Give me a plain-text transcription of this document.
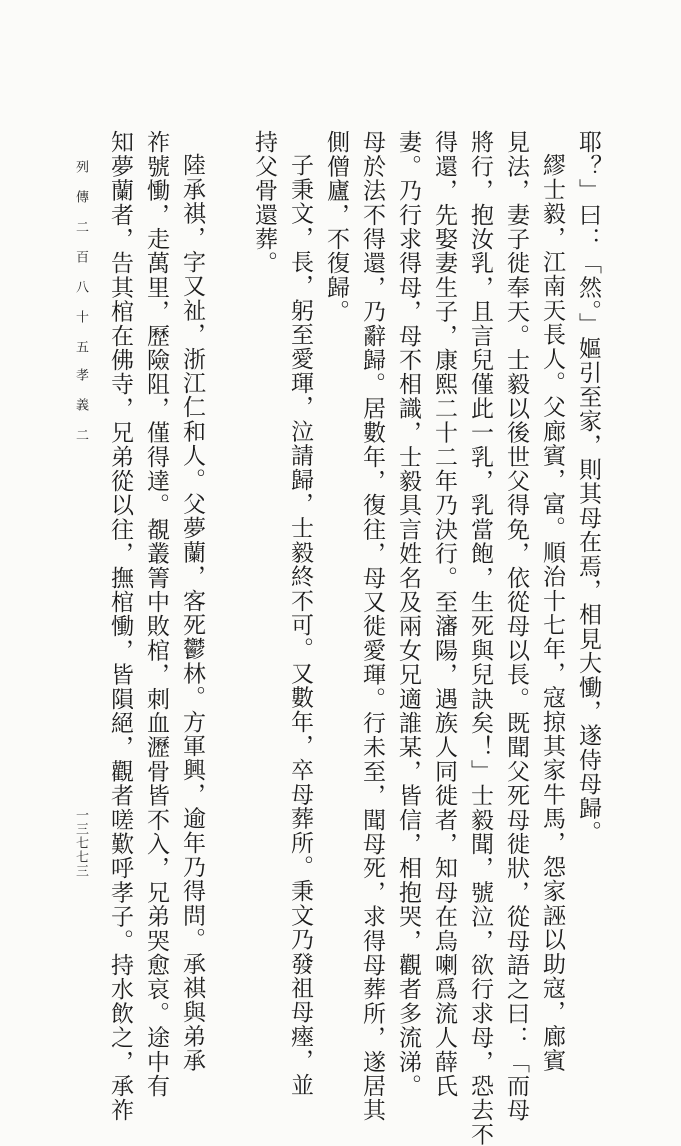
耶？」曰：「然。」嫗引至家，則其母在焉，相見大慟，遂侍母歸。
繆士毅，江南天長人。父廊賓，富。順治十七年，寇掠其家牛馬，怨家誣以助寇，廊賓
見法，妻子徙奉天。士毅以後世父得免，依從母以長。既聞父死母徙狀，從母語之曰：「而母
將行，抱汝乳，且言兒僅此一乳，乳當飽，生死與兒訣矣！」士毅聞，號泣，欲行求母，恐去不
得還，先娶妻生子，康熙二十二年乃決行。至瀋陽，遇族人同徙者，知母在烏喇爲流人薛氏
妻。乃行求得母，母不相識，士毅具言姓名及兩女兄適誰某，皆信，相抱哭，觀者多流涕。
母於法不得還，乃辭歸。居數年，復往，母又徙愛琿。行未至，聞母死，求得母葬所，遂居其
側僧廬，不復歸。
子秉文，長，躬至愛琿，泣請歸，士毅終不可。又數年，卒母葬所。秉文乃發祖母瘞，並
持父骨還葬。
陸承祺，字又祉，浙江仁和人。父夢蘭，客死鬱林。方軍興，逾年乃得問。承祺與弟承
祚號慟，走萬里，歷險阻，僅得達。覩叢箐中敗棺，刺血瀝骨皆不入，兄弟哭愈哀。途中有
知夢蘭者，告其棺在佛寺，兄弟從以往，撫棺慟，皆隕絕，觀者嗟歎呼孝子。持水飲之，承祚
列 傳 二 百 八 十 五　孝 義 二
一三七七三
